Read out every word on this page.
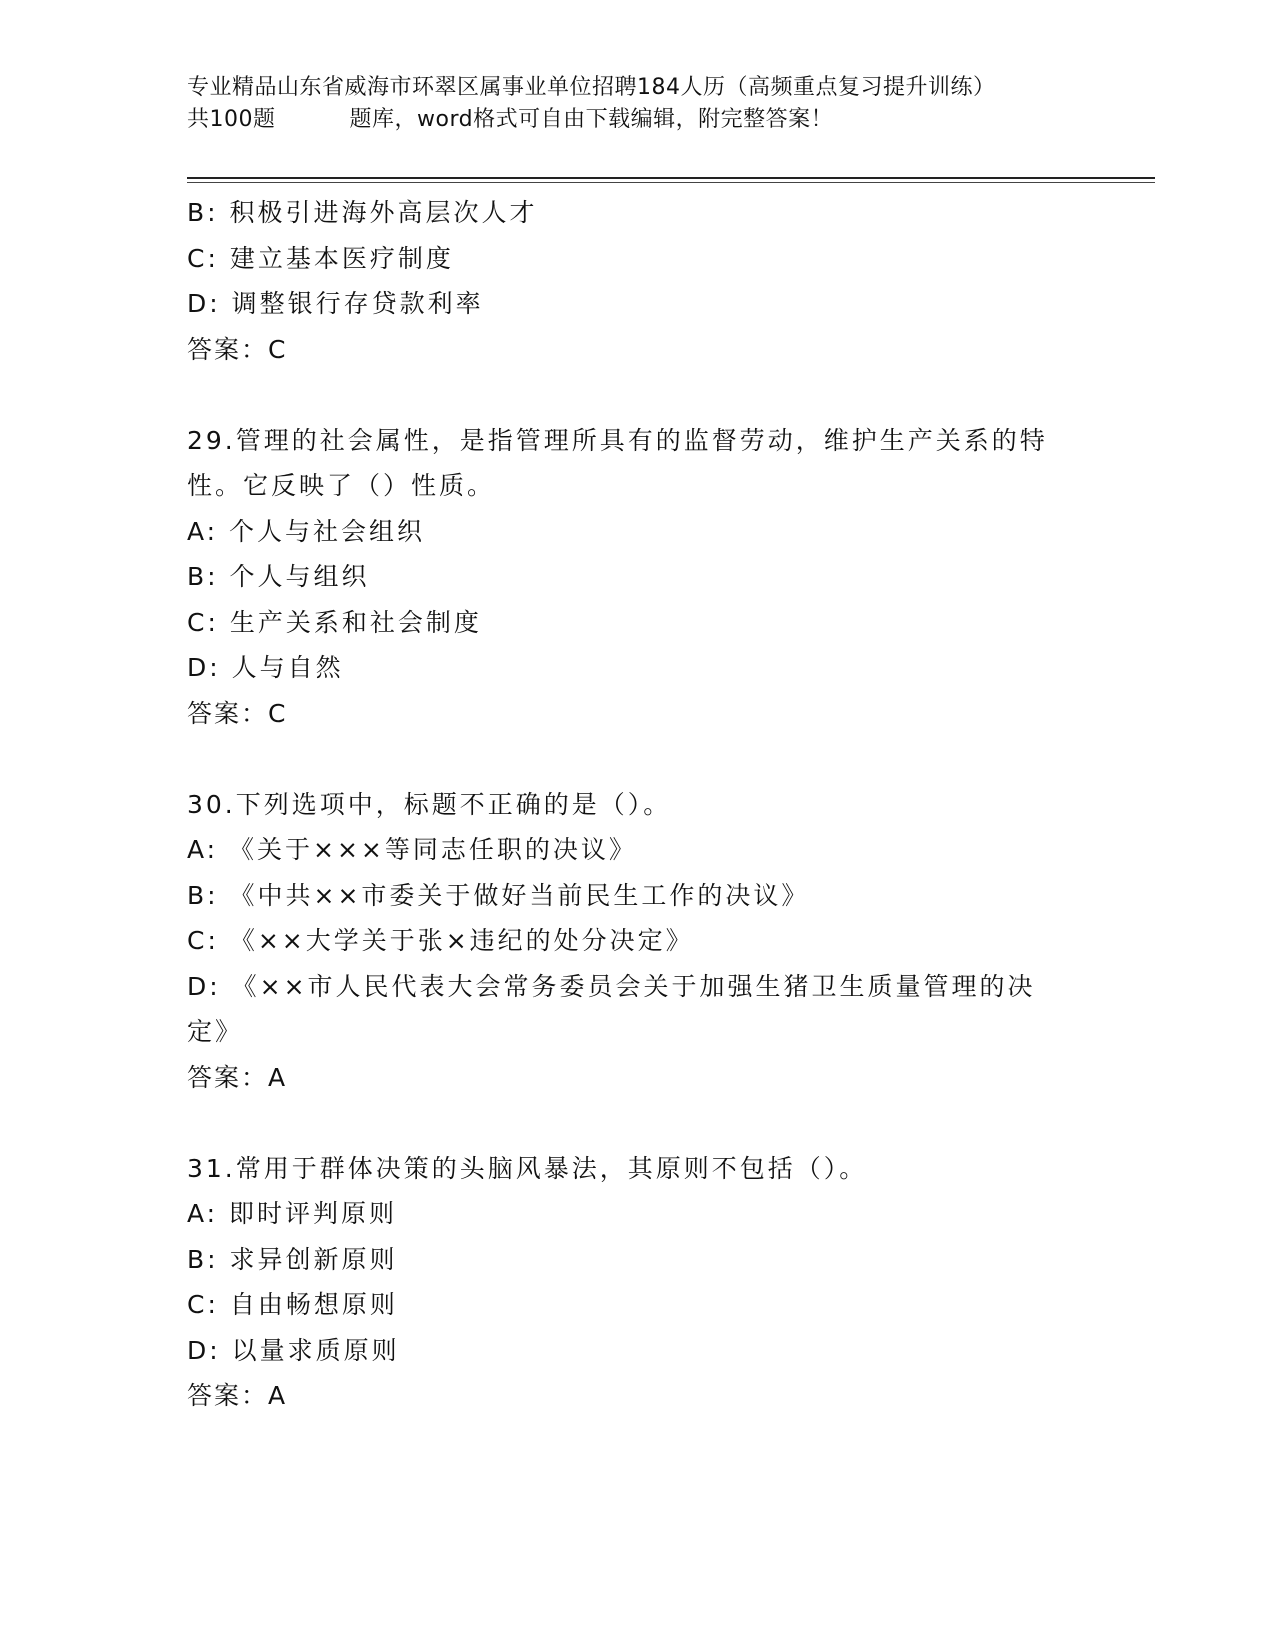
专业精品山东省威海市环翠区属事业单位招聘184人历（高频重点复习提升训练）
共100题	题库，word格式可自由下载编辑，附完整答案！
B: 积极引进海外高层次人才
C: 建立基本医疗制度
D: 调整银行存贷款利率
答案：C
29.管理的社会属性，是指管理所具有的监督劳动，维护生产关系的特性。它反映了（）性质。
A: 个人与社会组织
B: 个人与组织
C: 生产关系和社会制度
D: 人与自然
答案：C
30.下列选项中，标题不正确的是（）。
A: 《关于×××等同志任职的决议》
B: 《中共××市委关于做好当前民生工作的决议》
C: 《××大学关于张×违纪的处分决定》
D: 《××市人民代表大会常务委员会关于加强生猪卫生质量管理的决定》
答案：A
31.常用于群体决策的头脑风暴法，其原则不包括（）。
A: 即时评判原则
B: 求异创新原则
C: 自由畅想原则
D: 以量求质原则
答案：A
